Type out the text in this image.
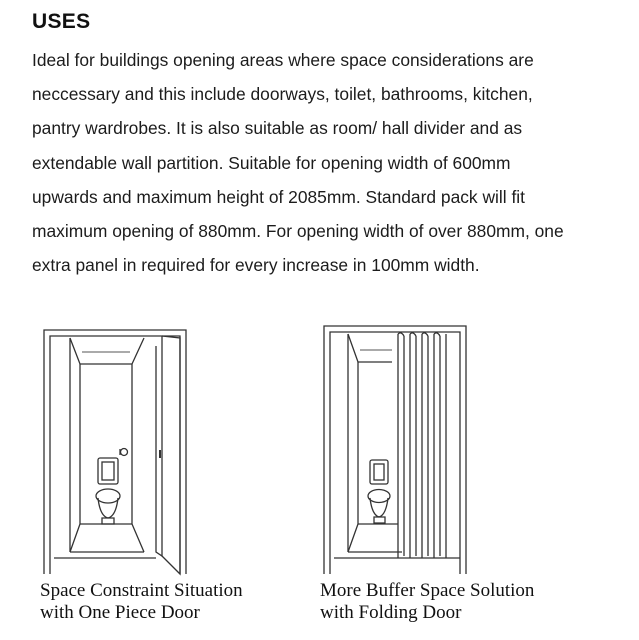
USES

Ideal for buildings opening areas where space considerations are
neccessary and this include doorways, toilet, bathrooms, kitchen,
pantry wardrobes. It is also suitable as room/ hall divider and as
extendable wall partition. Suitable for opening width of 600mm
upwards and maximum height of 2085mm. Standard pack will fit
maximum opening of 880mm. For opening width of over 880mm, one
extra panel in required for every increase in 100mm width.

Space Constraint Situation
with One Piece Door
More Buffer Space Solution
with Folding Door
